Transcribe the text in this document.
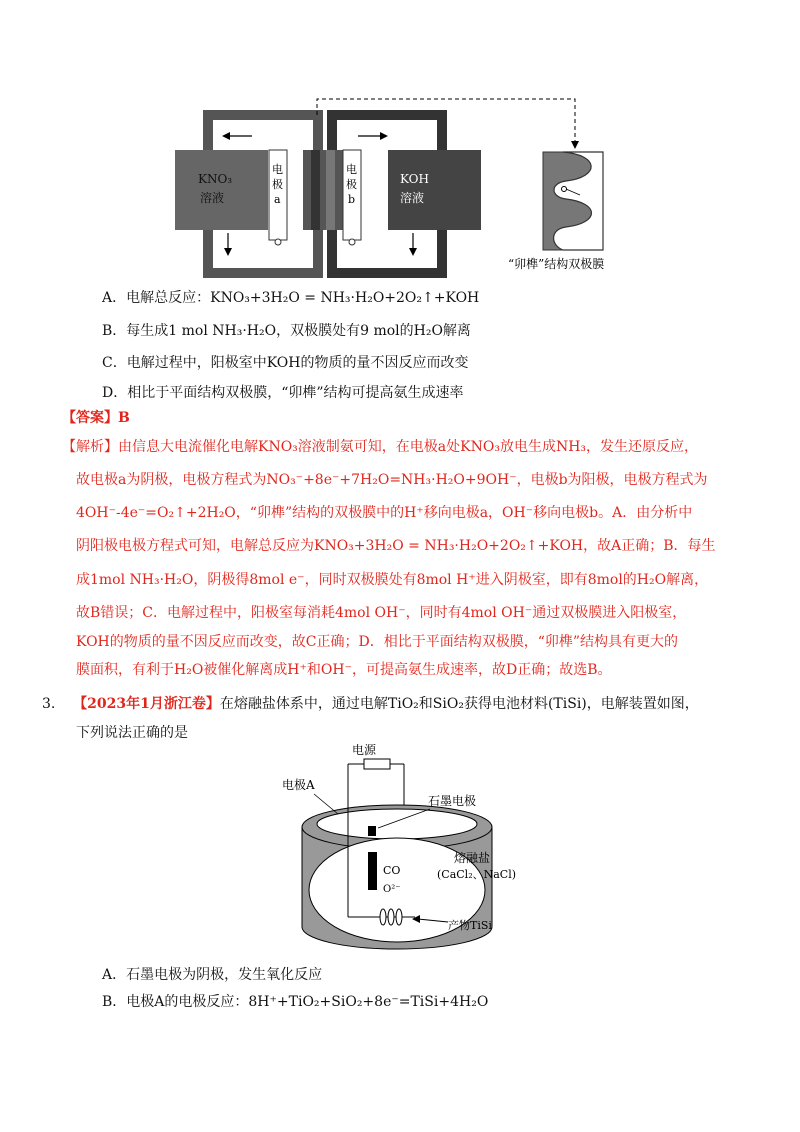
KNO₃
溶液
KOH
溶液
电
极
a
电
极
b
“卯榫”结构双极膜
A．电解总反应：KNO₃+3H₂O = NH₃·H₂O+2O₂↑+KOH
B．每生成1 mol NH₃·H₂O，双极膜处有9 mol的H₂O解离
C．电解过程中，阳极室中KOH的物质的量不因反应而改变
D．相比于平面结构双极膜，“卯榫”结构可提高氨生成速率
【答案】B
【解析】由信息大电流催化电解KNO₃溶液制氨可知，在电极a处KNO₃放电生成NH₃，发生还原反应，
故电极a为阴极，电极方程式为NO₃⁻+8e⁻+7H₂O=NH₃·H₂O+9OH⁻，电极b为阳极，电极方程式为
4OH⁻-4e⁻=O₂↑+2H₂O，“卯榫”结构的双极膜中的H⁺移向电极a，OH⁻移向电极b。A．由分析中
阴阳极电极方程式可知，电解总反应为KNO₃+3H₂O = NH₃·H₂O+2O₂↑+KOH，故A正确；B．每生
成1mol NH₃·H₂O，阴极得8mol e⁻，同时双极膜处有8mol H⁺进入阴极室，即有8mol的H₂O解离，
故B错误；C．电解过程中，阳极室每消耗4mol OH⁻，同时有4mol OH⁻通过双极膜进入阳极室，
KOH的物质的量不因反应而改变，故C正确；D．相比于平面结构双极膜，“卯榫”结构具有更大的
膜面积，有利于H₂O被催化解离成H⁺和OH⁻，可提高氨生成速率，故D正确；故选B。
3. 【2023年1月浙江卷】在熔融盐体系中，通过电解TiO₂和SiO₂获得电池材料(TiSi)，电解装置如图，
下列说法正确的是
电源
电极A
石墨电极
熔融盐
(CaCl₂、NaCl)
CO
O²⁻
产物TiSi
A．石墨电极为阴极，发生氧化反应
B．电极A的电极反应：8H⁺+TiO₂+SiO₂+8e⁻=TiSi+4H₂O
